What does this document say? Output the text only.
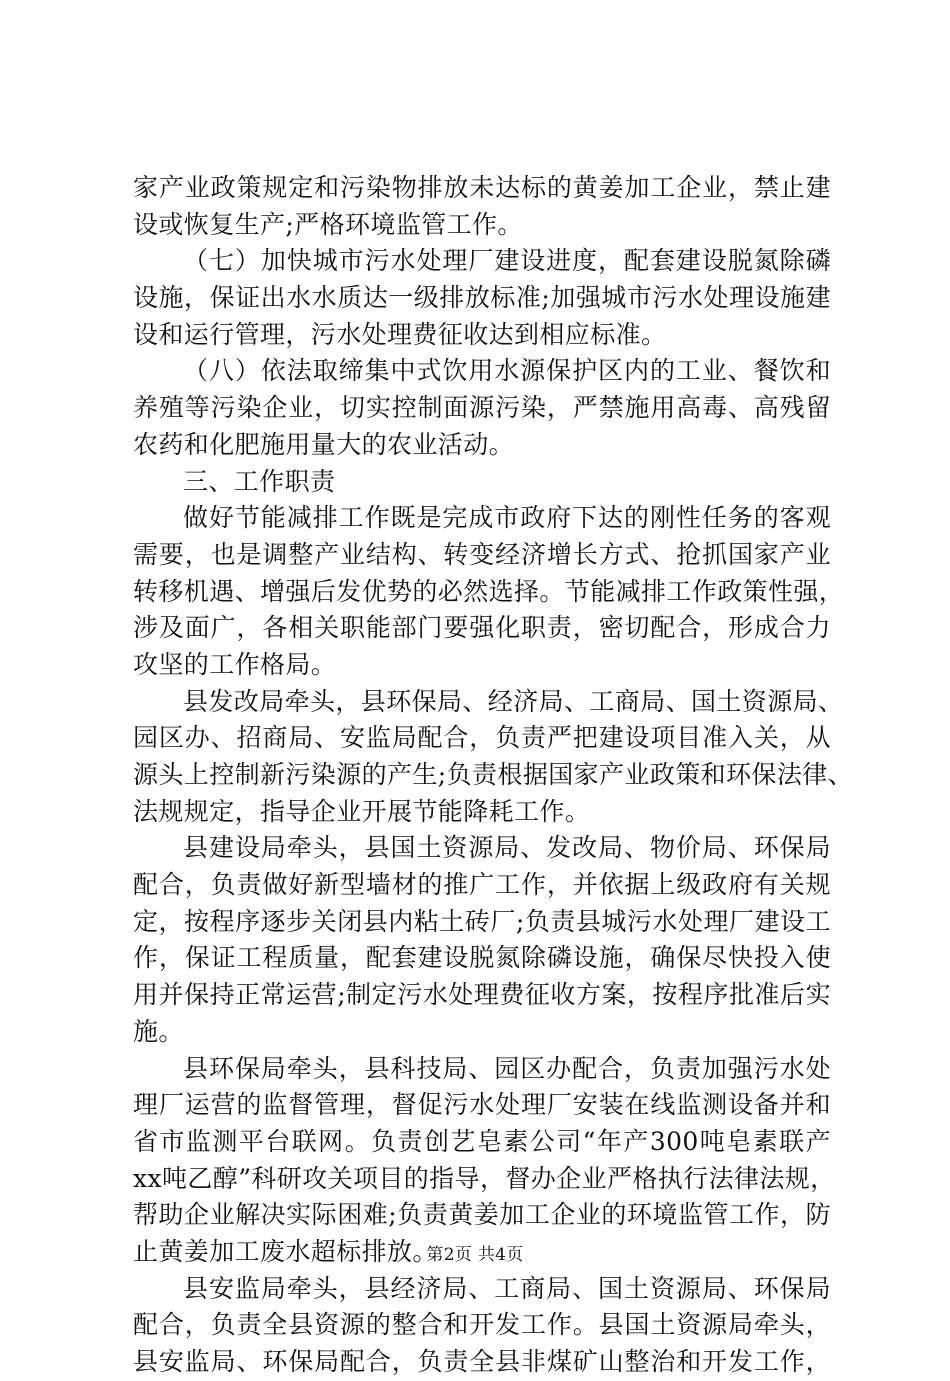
家产业政策规定和污染物排放未达标的黄姜加工企业，禁止建
设或恢复生产;严格环境监管工作。
（七）加快城市污水处理厂建设进度，配套建设脱氮除磷
设施，保证出水水质达一级排放标准;加强城市污水处理设施建
设和运行管理，污水处理费征收达到相应标准。
（八）依法取缔集中式饮用水源保护区内的工业、餐饮和
养殖等污染企业，切实控制面源污染，严禁施用高毒、高残留
农药和化肥施用量大的农业活动。
三、工作职责
做好节能减排工作既是完成市政府下达的刚性任务的客观
需要，也是调整产业结构、转变经济增长方式、抢抓国家产业
转移机遇、增强后发优势的必然选择。节能减排工作政策性强，
涉及面广，各相关职能部门要强化职责，密切配合，形成合力
攻坚的工作格局。
县发改局牵头，县环保局、经济局、工商局、国土资源局、
园区办、招商局、安监局配合，负责严把建设项目准入关，从
源头上控制新污染源的产生;负责根据国家产业政策和环保法律、
法规规定，指导企业开展节能降耗工作。
县建设局牵头，县国土资源局、发改局、物价局、环保局
配合，负责做好新型墙材的推广工作，并依据上级政府有关规
定，按程序逐步关闭县内粘土砖厂;负责县城污水处理厂建设工
作，保证工程质量，配套建设脱氮除磷设施，确保尽快投入使
用并保持正常运营;制定污水处理费征收方案，按程序批准后实
施。
县环保局牵头，县科技局、园区办配合，负责加强污水处
理厂运营的监督管理，督促污水处理厂安装在线监测设备并和
省市监测平台联网。负责创艺皂素公司“年产300吨皂素联产
xx吨乙醇”科研攻关项目的指导，督办企业严格执行法律法规，
帮助企业解决实际困难;负责黄姜加工企业的环境监管工作，防
止黄姜加工废水超标排放。
县安监局牵头，县经济局、工商局、国土资源局、环保局
配合，负责全县资源的整合和开发工作。县国土资源局牵头，
县安监局、环保局配合，负责全县非煤矿山整治和开发工作，
第2页 共4页
